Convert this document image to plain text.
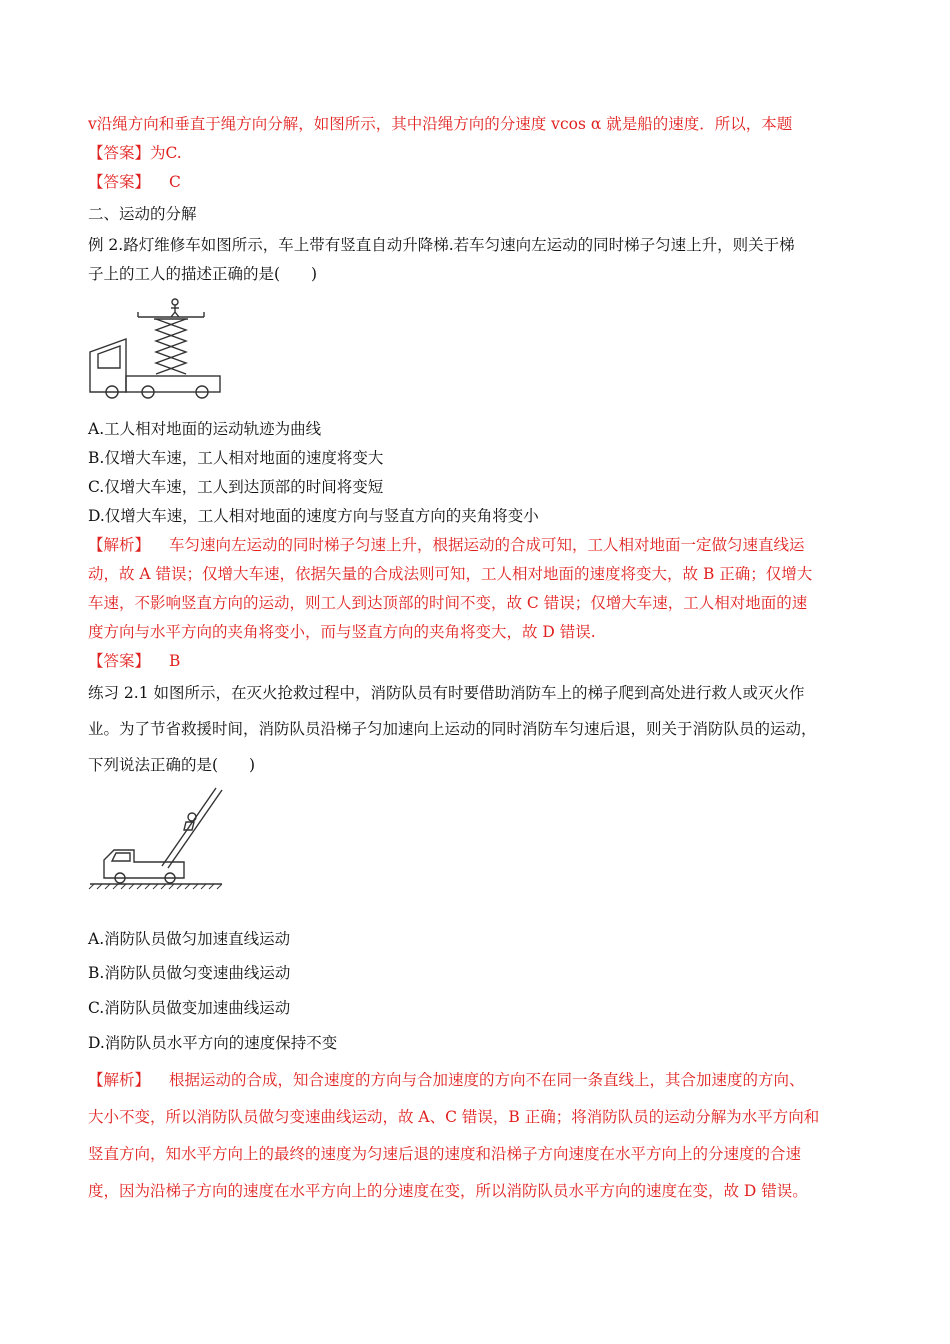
v沿绳方向和垂直于绳方向分解，如图所示，其中沿绳方向的分速度 vcos α 就是船的速度．所以，本题
【答案】为C.
【答案】 C
二、运动的分解
例 2.路灯维修车如图所示，车上带有竖直自动升降梯.若车匀速向左运动的同时梯子匀速上升，则关于梯
子上的工人的描述正确的是(　　)
A.工人相对地面的运动轨迹为曲线
B.仅增大车速，工人相对地面的速度将变大
C.仅增大车速，工人到达顶部的时间将变短
D.仅增大车速，工人相对地面的速度方向与竖直方向的夹角将变小
【解析】 车匀速向左运动的同时梯子匀速上升，根据运动的合成可知，工人相对地面一定做匀速直线运
动，故 A 错误；仅增大车速，依据矢量的合成法则可知，工人相对地面的速度将变大，故 B 正确；仅增大
车速，不影响竖直方向的运动，则工人到达顶部的时间不变，故 C 错误；仅增大车速，工人相对地面的速
度方向与水平方向的夹角将变小，而与竖直方向的夹角将变大，故 D 错误.
【答案】 B
练习 2.1 如图所示，在灭火抢救过程中，消防队员有时要借助消防车上的梯子爬到高处进行救人或灭火作
业。为了节省救援时间，消防队员沿梯子匀加速向上运动的同时消防车匀速后退，则关于消防队员的运动，
下列说法正确的是(　　)
A.消防队员做匀加速直线运动
B.消防队员做匀变速曲线运动
C.消防队员做变加速曲线运动
D.消防队员水平方向的速度保持不变
【解析】 根据运动的合成，知合速度的方向与合加速度的方向不在同一条直线上，其合加速度的方向、
大小不变，所以消防队员做匀变速曲线运动，故 A、C 错误，B 正确；将消防队员的运动分解为水平方向和
竖直方向，知水平方向上的最终的速度为匀速后退的速度和沿梯子方向速度在水平方向上的分速度的合速
度，因为沿梯子方向的速度在水平方向上的分速度在变，所以消防队员水平方向的速度在变，故 D 错误。
